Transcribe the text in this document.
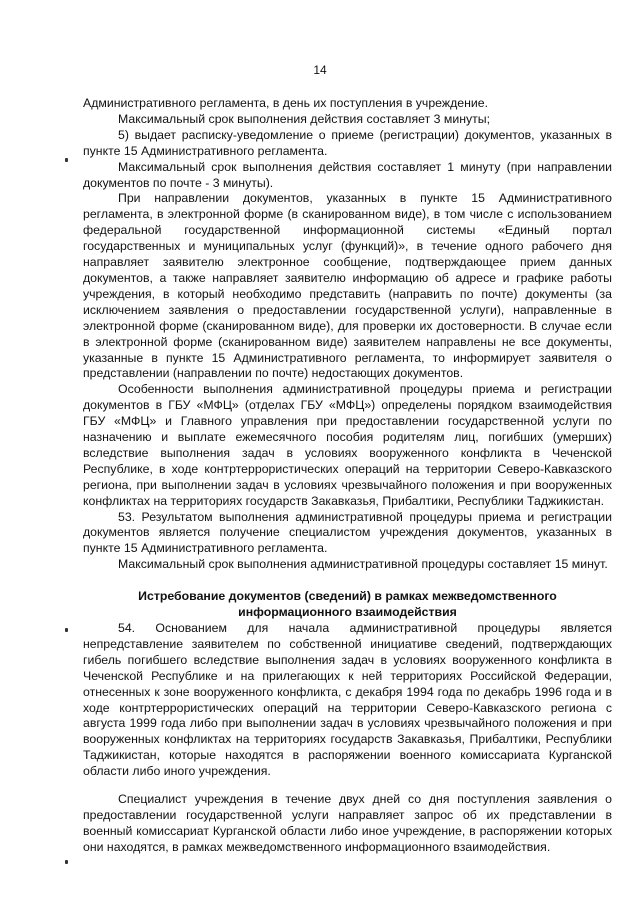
14

Административного регламента, в день их поступления в учреждение.

Максимальный срок выполнения действия составляет 3 минуты;

5) выдает расписку-уведомление о приеме (регистрации) документов, указанных в пункте 15 Административного регламента.

Максимальный срок выполнения действия составляет 1 минуту (при направлении документов по почте - 3 минуты).

При направлении документов, указанных в пункте 15 Административного регламента, в электронной форме (в сканированном виде), в том числе с использованием федеральной государственной информационной системы «Единый портал государственных и муниципальных услуг (функций)», в течение одного рабочего дня направляет заявителю электронное сообщение, подтверждающее прием данных документов, а также направляет заявителю информацию об адресе и графике работы учреждения, в который необходимо представить (направить по почте) документы (за исключением заявления о предоставлении государственной услуги), направленные в электронной форме (сканированном виде), для проверки их достоверности. В случае если в электронной форме (сканированном виде) заявителем направлены не все документы, указанные в пункте 15 Административного регламента, то информирует заявителя о представлении (направлении по почте) недостающих документов.

Особенности выполнения административной процедуры приема и регистрации документов в ГБУ «МФЦ» (отделах ГБУ «МФЦ») определены порядком взаимодействия ГБУ «МФЦ» и Главного управления при предоставлении государственной услуги по назначению и выплате ежемесячного пособия родителям лиц, погибших (умерших) вследствие выполнения задач в условиях вооруженного конфликта в Чеченской Республике, в ходе контртеррористических операций на территории Северо-Кавказского региона, при выполнении задач в условиях чрезвычайного положения и при вооруженных конфликтах на территориях государств Закавказья, Прибалтики, Республики Таджикистан.

53. Результатом выполнения административной процедуры приема и регистрации документов является получение специалистом учреждения документов, указанных в пункте 15 Административного регламента.

Максимальный срок выполнения административной процедуры составляет 15 минут.

Истребование документов (сведений) в рамках межведомственного
информационного взаимодействия

54. Основанием для начала административной процедуры является непредставление заявителем по собственной инициативе сведений, подтверждающих гибель погибшего вследствие выполнения задач в условиях вооруженного конфликта в Чеченской Республике и на прилегающих к ней территориях Российской Федерации, отнесенных к зоне вооруженного конфликта, с декабря 1994 года по декабрь 1996 года и в ходе контртеррористических операций на территории Северо-Кавказского региона с августа 1999 года либо при выполнении задач в условиях чрезвычайного положения и при вооруженных конфликтах на территориях государств Закавказья, Прибалтики, Республики Таджикистан, которые находятся в распоряжении военного комиссариата Курганской области либо иного учреждения.

Специалист учреждения в течение двух дней со дня поступления заявления о предоставлении государственной услуги направляет запрос об их представлении в военный комиссариат Курганской области либо иное учреждение, в распоряжении которых они находятся, в рамках межведомственного информационного взаимодействия.
